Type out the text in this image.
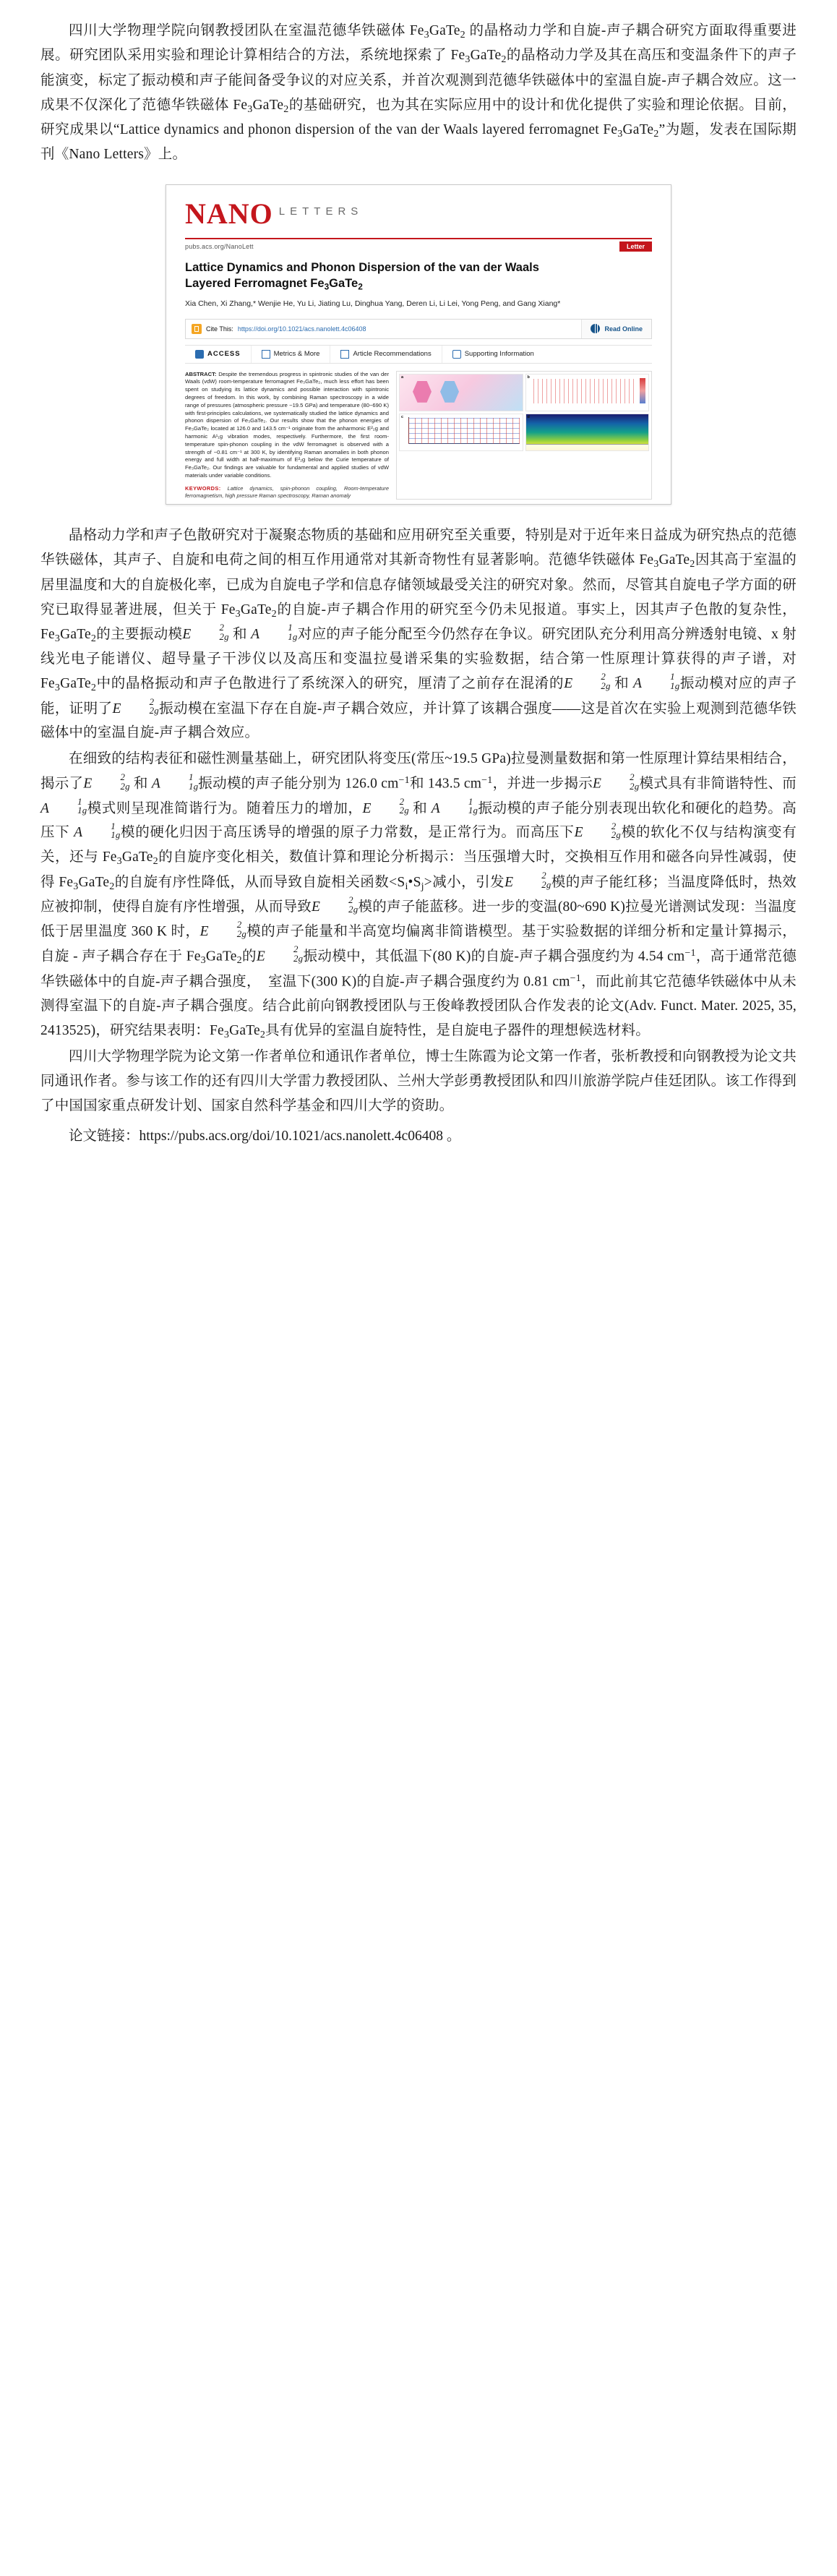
四川大学物理学院向钢教授团队在室温范德华铁磁体 $Fe_3GaTe_2$ 的晶格动力学和自旋-声子耦合研究方面取得重要进展。研究团队采用实验和理论计算相结合的方法，系统地探索了 $Fe_3GaTe_2$的晶格动力学及其在高压和变温条件下的声子能演变，标定了振动模和声子能间备受争议的对应关系，并首次观测到范德华铁磁体中的室温自旋-声子耦合效应。这一成果不仅深化了范德华铁磁体 $Fe_3GaTe_2$的基础研究，也为其在实际应用中的设计和优化提供了实验和理论依据。目前，研究成果以“Lattice dynamics and phonon dispersion of the van der Waals layered ferromagnet $Fe_3GaTe_2$”为题，发表在国际期刊《Nano Letters》上。

NANO $^{LETTERS}$
pubs.acs.org/NanoLett	Letter
Lattice Dynamics and Phonon Dispersion of the van der Waals
Layered Ferromagnet $Fe_3GaTe_2$
Xia Chen, Xi Zhang,* Wenjie He, Yu Li, Jiating Lu, Dinghua Yang, Deren Li, Li Lei, Yong Peng, and Gang Xiang*
Cite This: https://doi.org/10.1021/acs.nanolett.4c06408	Read Online
ACCESS	Metrics & More	Article Recommendations	Supporting Information
ABSTRACT: Despite the tremendous progress in spintronic studies of the van der Waals (vdW) room-temperature ferromagnet Fe₃GaTe₂, much less effort has been spent on studying its lattice dynamics and possible interaction with spintronic degrees of freedom. In this work, by combining Raman spectroscopy in a wide range of pressures (atmospheric pressure ~19.5 GPa) and temperature (80~690 K) with first-principles calculations, we systematically studied the lattice dynamics and phonon dispersion of Fe₃GaTe₂. Our results show that the phonon energies of Fe₃GaTe₂ located at 126.0 and 143.5 cm⁻¹ originate from the anharmonic E²₂g and harmonic A¹₁g vibration modes, respectively. Furthermore, the first room-temperature spin-phonon coupling in the vdW ferromagnet is observed with a strength of ~0.81 cm⁻¹ at 300 K, by identifying Raman anomalies in both phonon energy and full width at half-maximum of E²₂g below the Curie temperature of Fe₃GaTe₂. Our findings are valuable for fundamental and applied studies of vdW materials under variable conditions.
KEYWORDS: Lattice dynamics, spin-phonon coupling, Room-temperature ferromagnetism, high pressure Raman spectroscopy, Raman anomaly
a	b
c	d

晶格动力学和声子色散研究对于凝聚态物质的基础和应用研究至关重要，特别是对于近年来日益成为研究热点的范德华铁磁体，其声子、自旋和电荷之间的相互作用通常对其新奇物性有显著影响。范德华铁磁体 $Fe_3GaTe_2$因其高于室温的居里温度和大的自旋极化率，已成为自旋电子学和信息存储领域最受关注的研究对象。然而，尽管其自旋电子学方面的研究已取得显著进展，但关于 $Fe_3GaTe_2$的自旋-声子耦合作用的研究至今仍未见报道。事实上，因其声子色散的复杂性，$Fe_3GaTe_2$的主要振动模E	2
2g 和 A	1
1g 对应的声子能分配至今仍然存在争议。研究团队充分利用高分辨透射电镜、x 射线光电子能谱仪、超导量子干涉仪以及高压和变温拉曼谱采集的实验数据，结合第一性原理计算获得的声子谱，对 $Fe_3GaTe_2$中的晶格振动和声子色散进行了系统深入的研究，厘清了之前存在混淆的E	2
2g 和 A	1
1g 振动模对应的声子能，证明了E	2
2g 振动模在室温下存在自旋-声子耦合效应，并计算了该耦合强度——这是首次在实验上观测到范德华铁磁体中的室温自旋-声子耦合效应。

在细致的结构表征和磁性测量基础上，研究团队将变压(常压~19.5 GPa)拉曼测量数据和第一性原理计算结果相结合，揭示了E	2
2g 和 A	1
1g 振动模的声子能分别为 126.0 $cm^{-1}$和 143.5 $cm^{-1}$，并进一步揭示E	2
2g 模式具有非简谐特性、而A	1
1g 模式则呈现准简谐行为。随着压力的增加，E	2
2g 和 A	1
1g 振动模的声子能分别表现出软化和硬化的趋势。高压下 A	1
1g 模的硬化归因于高压诱导的增强的原子力常数，是正常行为。而高压下E	2
2g 模的软化不仅与结构演变有关，还与 $Fe_3GaTe_2$的自旋序变化相关，数值计算和理论分析揭示：当压强增大时，交换相互作用和磁各向异性减弱，使得 $Fe_3GaTe_2$的自旋有序性降低，从而导致自旋相关函数$<S_i•S_j>$减小，引发E	2
2g 模的声子能红移；当温度降低时，热效应被抑制，使得自旋有序性增强，从而导致E	2
2g 模的声子能蓝移。进一步的变温(80~690 K)拉曼光谱测试发现：当温度低于居里温度 360 K 时，E	2
2g 模的声子能量和半高宽均偏离非简谐模型。基于实验数据的详细分析和定量计算揭示，自旋 - 声子耦合存在于 $Fe_3GaTe_2$的E	2
2g 振动模中，其低温下(80 K)的自旋-声子耦合强度约为 4.54 $cm^{-1}$，高于通常范德华铁磁体中的自旋-声子耦合强度，　室温下(300 K)的自旋-声子耦合强度约为 0.81 $cm^{-1}$，而此前其它范德华铁磁体中从未测得室温下的自旋-声子耦合强度。结合此前向钢教授团队与王俊峰教授团队合作发表的论文(Adv. Funct. Mater. 2025, 35, 2413525)，研究结果表明：$Fe_3GaTe_2$具有优异的室温自旋特性，是自旋电子器件的理想候选材料。

四川大学物理学院为论文第一作者单位和通讯作者单位，博士生陈霞为论文第一作者，张析教授和向钢教授为论文共同通讯作者。参与该工作的还有四川大学雷力教授团队、兰州大学彭勇教授团队和四川旅游学院卢佳廷团队。该工作得到了中国国家重点研发计划、国家自然科学基金和四川大学的资助。

论文链接：https://pubs.acs.org/doi/10.1021/acs.nanolett.4c06408 。
